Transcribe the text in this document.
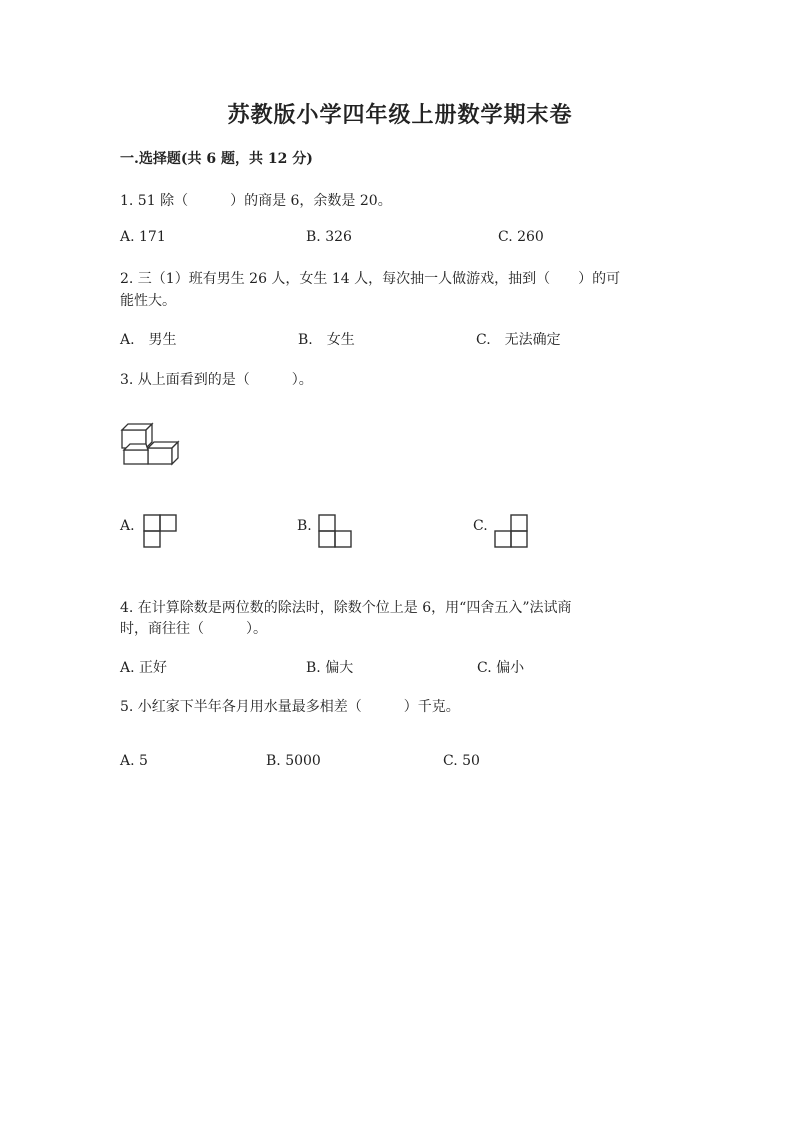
苏教版小学四年级上册数学期末卷
一.选择题(共 6 题，共 12 分)
1. 51 除（　　　）的商是 6，余数是 20。
A. 171	B. 326	C. 260
2. 三（1）班有男生 26 人，女生 14 人，每次抽一人做游戏，抽到（　　）的可
能性大。
A.　男生	B.　女生	C.　无法确定
3. 从上面看到的是（　　　）。
A.	B.	C.
4. 在计算除数是两位数的除法时，除数个位上是 6，用“四舍五入”法试商
时，商往往（　　　）。
A. 正好	B. 偏大	C. 偏小
5. 小红家下半年各月用水量最多相差（　　　）千克。
A. 5	B. 5000	C. 50
